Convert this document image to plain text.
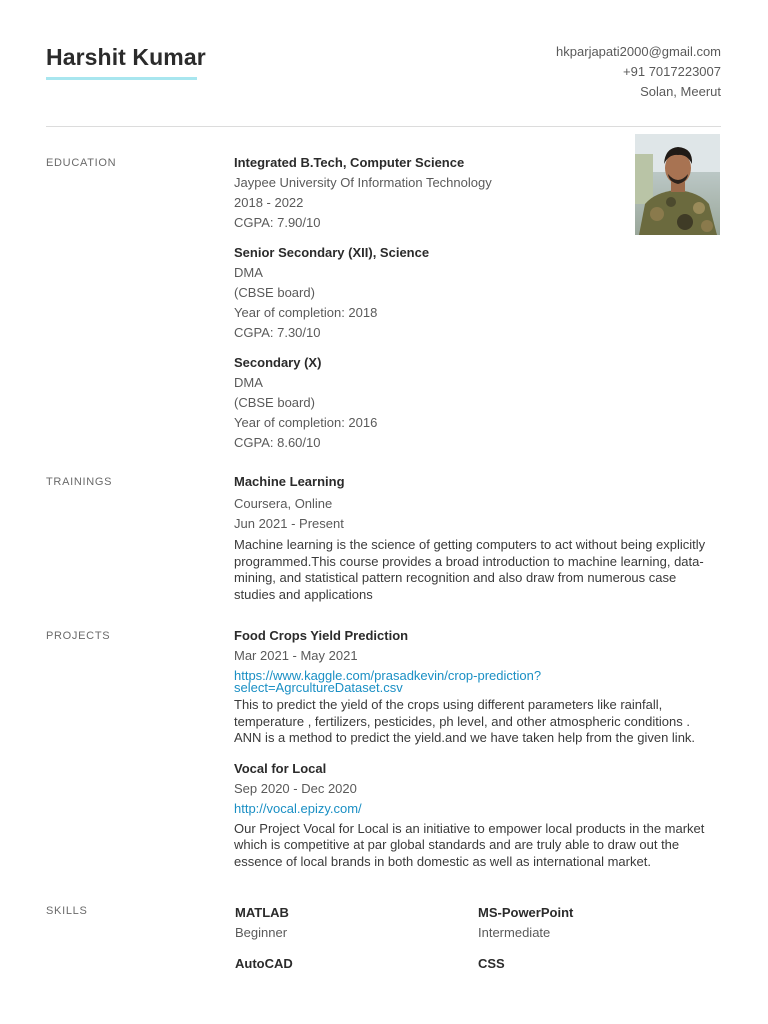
Harshit Kumar	hkparjapati2000@gmail.com
+91 7017223007
Solan, Meerut
EDUCATION	Integrated B.Tech, Computer Science
Jaypee University Of Information Technology
2018 - 2022
CGPA: 7.90/10
Senior Secondary (XII), Science
DMA
(CBSE board)
Year of completion: 2018
CGPA: 7.30/10
Secondary (X)
DMA
(CBSE board)
Year of completion: 2016
CGPA: 8.60/10
TRAININGS	Machine Learning
Coursera, Online
Jun 2021 - Present
Machine learning is the science of getting computers to act without being explicitly programmed.This course provides a broad introduction to machine learning, data-mining, and statistical pattern recognition and also draw from numerous case studies and applications
PROJECTS	Food Crops Yield Prediction
Mar 2021 - May 2021
https://www.kaggle.com/prasadkevin/crop-prediction?
select=AgrcultureDataset.csv
This to predict the yield of the crops using different parameters like rainfall, temperature , fertilizers, pesticides, ph level, and other atmospheric conditions . ANN is a method to predict the yield.and we have taken help from the given link.
Vocal for Local
Sep 2020 - Dec 2020
http://vocal.epizy.com/
Our Project Vocal for Local is an initiative to empower local products in the market which is competitive at par global standards and are truly able to draw out the essence of local brands in both domestic as well as international market.
SKILLS	MATLAB
Beginner
MS-PowerPoint
Intermediate
AutoCAD	CSS
